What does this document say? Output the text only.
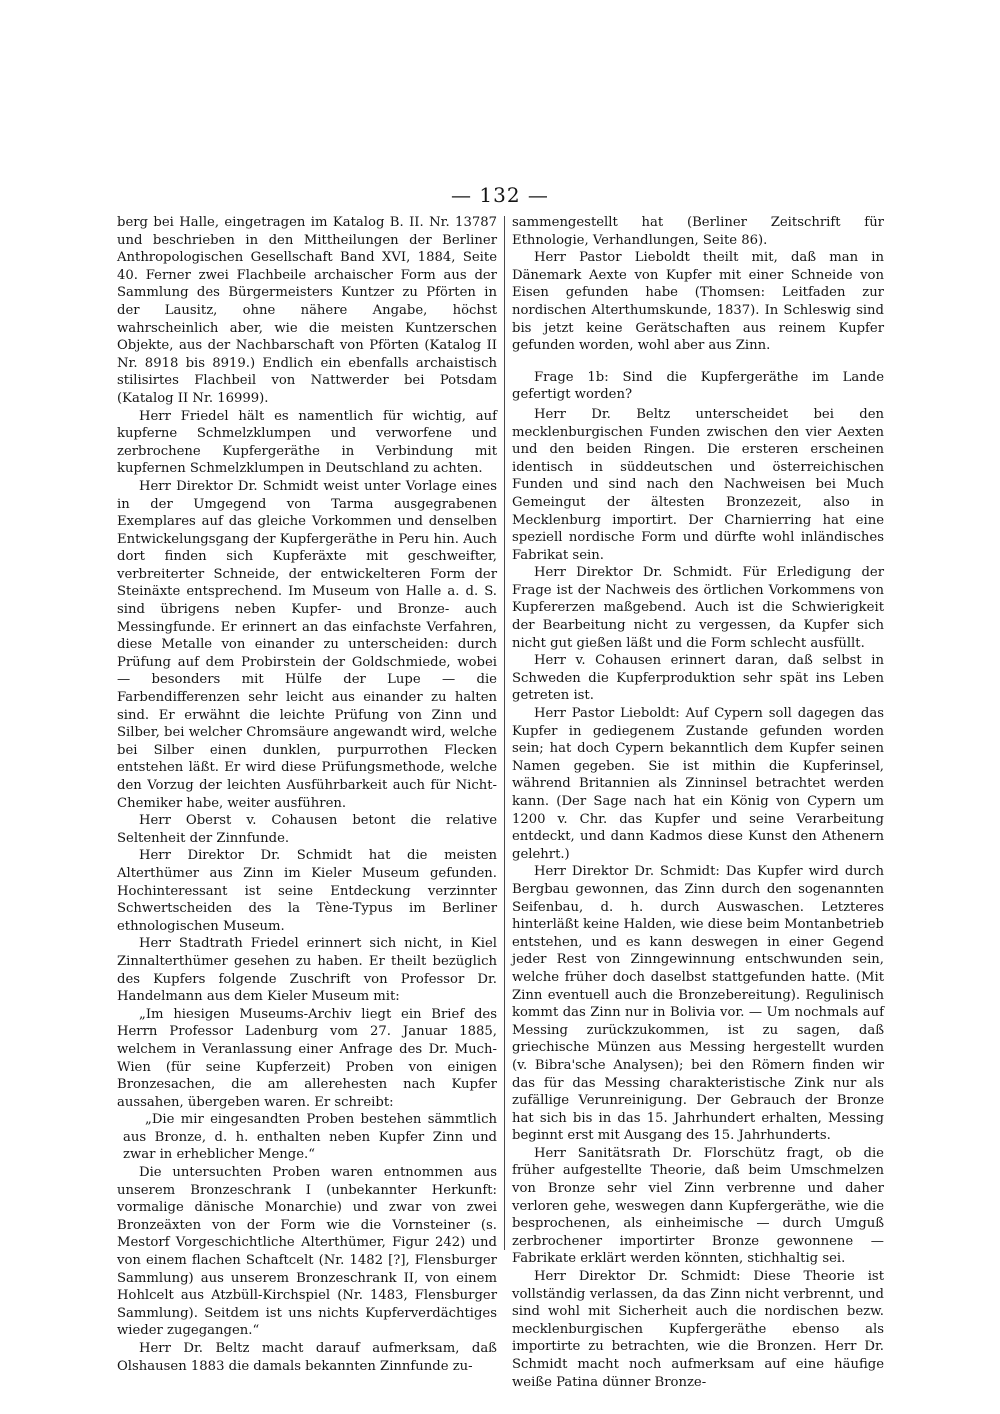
— 132 —

berg bei Halle, eingetragen im Katalog B. II. Nr. 13787 und beschrieben in den Mittheilungen der Berliner Anthropologischen Gesellschaft Band XVI, 1884, Seite 40. Ferner zwei Flachbeile archaischer Form aus der Sammlung des Bürgermeisters Kuntzer zu Pförten in der Lausitz, ohne nähere Angabe, höchst wahrscheinlich aber, wie die meisten Kuntzerschen Objekte, aus der Nachbarschaft von Pförten (Katalog II Nr. 8918 bis 8919.) Endlich ein ebenfalls archaistisch stilisirtes Flachbeil von Nattwerder bei Potsdam (Katalog II Nr. 16999).

Herr Friedel hält es namentlich für wichtig, auf kupferne Schmelzklumpen und verworfene und zerbrochene Kupfergeräthe in Verbindung mit kupfernen Schmelzklumpen in Deutschland zu achten.

Herr Direktor Dr. Schmidt weist unter Vorlage eines in der Umgegend von Tarma ausgegrabenen Exemplares auf das gleiche Vorkommen und denselben Entwickelungsgang der Kupfergeräthe in Peru hin. Auch dort finden sich Kupferäxte mit geschweifter, verbreiterter Schneide, der entwickelteren Form der Steinäxte entsprechend. Im Museum von Halle a. d. S. sind übrigens neben Kupfer- und Bronze- auch Messingfunde. Er erinnert an das einfachste Verfahren, diese Metalle von einander zu unterscheiden: durch Prüfung auf dem Probirstein der Goldschmiede, wobei — besonders mit Hülfe der Lupe — die Farbendifferenzen sehr leicht aus einander zu halten sind. Er erwähnt die leichte Prüfung von Zinn und Silber, bei welcher Chromsäure angewandt wird, welche bei Silber einen dunklen, purpurrothen Flecken entstehen läßt. Er wird diese Prüfungsmethode, welche den Vorzug der leichten Ausführbarkeit auch für Nicht-Chemiker habe, weiter ausführen.

Herr Oberst v. Cohausen betont die relative Seltenheit der Zinnfunde.

Herr Direktor Dr. Schmidt hat die meisten Alterthümer aus Zinn im Kieler Museum gefunden. Hochinteressant ist seine Entdeckung verzinnter Schwertscheiden des la Tène-Typus im Berliner ethnologischen Museum.

Herr Stadtrath Friedel erinnert sich nicht, in Kiel Zinnalterthümer gesehen zu haben. Er theilt bezüglich des Kupfers folgende Zuschrift von Professor Dr. Handelmann aus dem Kieler Museum mit:

„Im hiesigen Museums-Archiv liegt ein Brief des Herrn Professor Ladenburg vom 27. Januar 1885, welchem in Veranlassung einer Anfrage des Dr. Much-Wien (für seine Kupferzeit) Proben von einigen Bronzesachen, die am allerehesten nach Kupfer aussahen, übergeben waren. Er schreibt:

„Die mir eingesandten Proben bestehen sämmtlich aus Bronze, d. h. enthalten neben Kupfer Zinn und zwar in erheblicher Menge.“

Die untersuchten Proben waren entnommen aus unserem Bronzeschrank I (unbekannter Herkunft: vormalige dänische Monarchie) und zwar von zwei Bronzeäxten von der Form wie die Vornsteiner (s. Mestorf Vorgeschichtliche Alterthümer, Figur 242) und von einem flachen Schaftcelt (Nr. 1482 [?], Flensburger Sammlung) aus unserem Bronzeschrank II, von einem Hohlcelt aus Atzbüll-Kirchspiel (Nr. 1483, Flensburger Sammlung). Seitdem ist uns nichts Kupferverdächtiges wieder zugegangen.“

Herr Dr. Beltz macht darauf aufmerksam, daß Olshausen 1883 die damals bekannten Zinnfunde zu-

sammengestellt hat (Berliner Zeitschrift für Ethnologie, Verhandlungen, Seite 86).

Herr Pastor Lieboldt theilt mit, daß man in Dänemark Aexte von Kupfer mit einer Schneide von Eisen gefunden habe (Thomsen: Leitfaden zur nordischen Alterthumskunde, 1837). In Schleswig sind bis jetzt keine Gerätschaften aus reinem Kupfer gefunden worden, wohl aber aus Zinn.

Frage 1b: Sind die Kupfergeräthe im Lande gefertigt worden?

Herr Dr. Beltz unterscheidet bei den mecklenburgischen Funden zwischen den vier Aexten und den beiden Ringen. Die ersteren erscheinen identisch in süddeutschen und österreichischen Funden und sind nach den Nachweisen bei Much Gemeingut der ältesten Bronzezeit, also in Mecklenburg importirt. Der Charnierring hat eine speziell nordische Form und dürfte wohl inländisches Fabrikat sein.

Herr Direktor Dr. Schmidt. Für Erledigung der Frage ist der Nachweis des örtlichen Vorkommens von Kupfererzen maßgebend. Auch ist die Schwierigkeit der Bearbeitung nicht zu vergessen, da Kupfer sich nicht gut gießen läßt und die Form schlecht ausfüllt.

Herr v. Cohausen erinnert daran, daß selbst in Schweden die Kupferproduktion sehr spät ins Leben getreten ist.

Herr Pastor Lieboldt: Auf Cypern soll dagegen das Kupfer in gediegenem Zustande gefunden worden sein; hat doch Cypern bekanntlich dem Kupfer seinen Namen gegeben. Sie ist mithin die Kupferinsel, während Britannien als Zinninsel betrachtet werden kann. (Der Sage nach hat ein König von Cypern um 1200 v. Chr. das Kupfer und seine Verarbeitung entdeckt, und dann Kadmos diese Kunst den Athenern gelehrt.)

Herr Direktor Dr. Schmidt: Das Kupfer wird durch Bergbau gewonnen, das Zinn durch den sogenannten Seifenbau, d. h. durch Auswaschen. Letzteres hinterläßt keine Halden, wie diese beim Montanbetrieb entstehen, und es kann deswegen in einer Gegend jeder Rest von Zinngewinnung entschwunden sein, welche früher doch daselbst stattgefunden hatte. (Mit Zinn eventuell auch die Bronzebereitung). Regulinisch kommt das Zinn nur in Bolivia vor. — Um nochmals auf Messing zurückzukommen, ist zu sagen, daß griechische Münzen aus Messing hergestellt wurden (v. Bibra'sche Analysen); bei den Römern finden wir das für das Messing charakteristische Zink nur als zufällige Verunreinigung. Der Gebrauch der Bronze hat sich bis in das 15. Jahrhundert erhalten, Messing beginnt erst mit Ausgang des 15. Jahrhunderts.

Herr Sanitätsrath Dr. Florschütz fragt, ob die früher aufgestellte Theorie, daß beim Umschmelzen von Bronze sehr viel Zinn verbrenne und daher verloren gehe, weswegen dann Kupfergeräthe, wie die besprochenen, als einheimische — durch Umguß zerbrochener importirter Bronze gewonnene — Fabrikate erklärt werden könnten, stichhaltig sei.

Herr Direktor Dr. Schmidt: Diese Theorie ist vollständig verlassen, da das Zinn nicht verbrennt, und sind wohl mit Sicherheit auch die nordischen bezw. mecklenburgischen Kupfergeräthe ebenso als importirte zu betrachten, wie die Bronzen. Herr Dr. Schmidt macht noch aufmerksam auf eine häufige weiße Patina dünner Bronze-
